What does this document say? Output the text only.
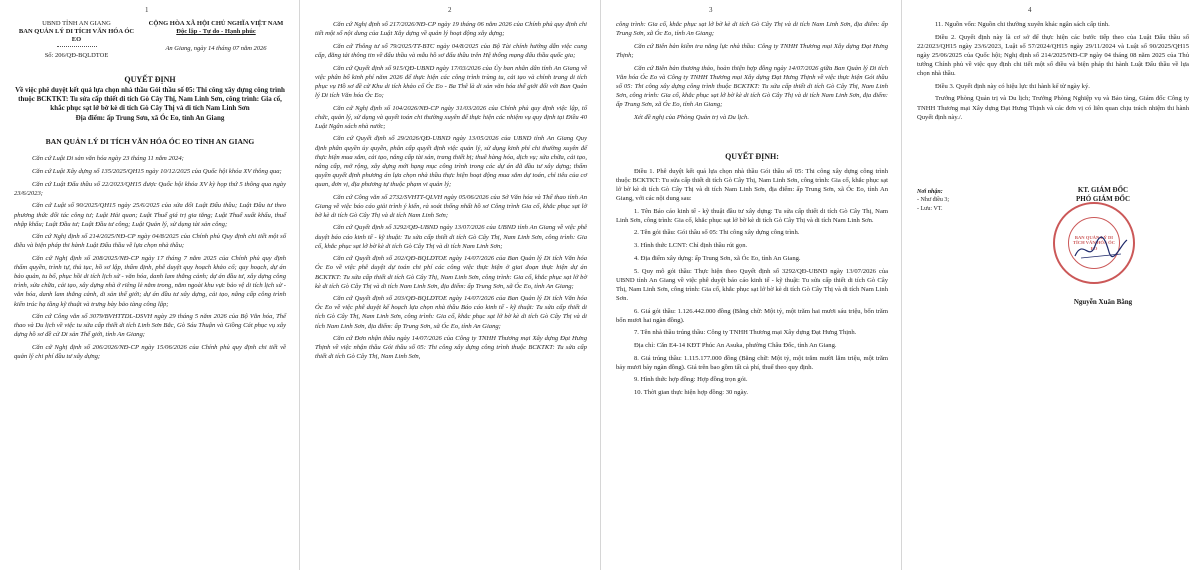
1
UBND TỈNH AN GIANG
BAN QUẢN LÝ DI TÍCH VĂN HÓA ÓC EO
Số: 206/QĐ-BQLDTOE
CỘNG HÒA XÃ HỘI CHỦ NGHĨA VIỆT NAM
Độc lập - Tự do - Hạnh phúc
An Giang, ngày 14 tháng 07 năm 2026
QUYẾT ĐỊNH
Về việc phê duyệt kết quả lựa chọn nhà thầu Gói thầu số 05: Thi công xây dựng công trình thuộc BCKTKT: Tu sửa cấp thiết di tích Gò Cây Thị, Nam Linh Sơn, công trình: Gia cố, khắc phục sạt lở bờ kè di tích Gò Cây Thị và di tích Nam Linh Sơn
Địa điểm: ấp Trung Sơn, xã Óc Eo, tỉnh An Giang
BAN QUẢN LÝ DI TÍCH VĂN HÓA ÓC EO TỈNH AN GIANG

Căn cứ Luật Di sản văn hóa ngày 23 tháng 11 năm 2024;

Căn cứ Luật Xây dựng số 135/2025/QH15 ngày 10/12/2025 của Quốc hội khóa XV thông qua;

Căn cứ Luật Đấu thầu số 22/2023/QH15 được Quốc hội khóa XV kỳ họp thứ 5 thông qua ngày 23/6/2023;

Căn cứ Luật số 90/2025/QH15 ngày 25/6/2025 của sửa đổi Luật Đấu thầu; Luật Đầu tư theo phương thức đối tác công tư; Luật Hải quan; Luật Thuế giá trị gia tăng; Luật Thuế xuất khẩu, thuế nhập khẩu; Luật Đầu tư; Luật Đầu tư công; Luật Quản lý, sử dụng tài sản công;

Căn cứ Nghị định số 214/2025/NĐ-CP ngày 04/8/2025 của Chính phủ Quy định chi tiết một số điều và biện pháp thi hành Luật Đấu thầu về lựa chọn nhà thầu;

Căn cứ Nghị định số 208/2025/NĐ-CP ngày 17 tháng 7 năm 2025 của Chính phủ quy định thẩm quyền, trình tự, thủ tục, hồ sơ lập, thẩm định, phê duyệt quy hoạch khảo cổ; quy hoạch, dự án bảo quản, tu bổ, phục hồi di tích lịch sử - văn hóa, danh lam thắng cảnh; dự án đầu tư, xây dựng công trình, sửa chữa, cải tạo, xây dựng nhà ở riêng lẻ nằm trong, nằm ngoài khu vực bảo vệ di tích lịch sử - văn hóa, danh lam thắng cảnh, di sản thế giới; dự án đầu tư xây dựng, cải tạo, nâng cấp công trình kiến trúc hạ tầng kỹ thuật và trưng bày bảo tàng công lập;

Căn cứ Công văn số 3079/BVHTTDL-DSVH ngày 29 tháng 5 năm 2026 của Bộ Văn hóa, Thể thao và Du lịch về việc tu sửa cấp thiết di tích Linh Sơn Bắc, Gò Sáu Thuận và Giồng Cát phục vụ xây dựng hồ sơ đề cử Di sản Thế giới, tỉnh An Giang;

Căn cứ Nghị định số 206/2026/NĐ-CP ngày 15/06/2026 của Chính phủ quy định chi tiết về quản lý chi phí đầu tư xây dựng;

2

Căn cứ Nghị định số 217/2026/NĐ-CP ngày 19 tháng 06 năm 2026 của Chính phủ quy định chi tiết một số nội dung của Luật Xây dựng về quản lý hoạt động xây dựng;

Căn cứ Thông tư số 79/2025/TT-BTC ngày 04/8/2025 của Bộ Tài chính hướng dẫn việc cung cấp, đăng tải thông tin về đấu thầu và mẫu hồ sơ đấu thầu trên Hệ thống mạng đấu thầu quốc gia;

Căn cứ Quyết định số 915/QĐ-UBND ngày 17/03/2026 của Ủy ban nhân dân tỉnh An Giang về việc phân bổ kinh phí năm 2026 để thực hiện các công trình trùng tu, cải tạo và chỉnh trang di tích phục vụ Hồ sơ đề cử Khu di tích khảo cổ Óc Eo - Ba Thê là di sản văn hóa thế giới đối với Ban Quản lý Di tích Văn hóa Óc Eo;

Căn cứ Nghị định số 104/2026/NĐ-CP ngày 31/03/2026 của Chính phủ quy định việc lập, tổ chức, quản lý, sử dụng và quyết toán chi thường xuyên để thực hiện các nhiệm vụ quy định tại Điều 40 Luật Ngân sách nhà nước;

Căn cứ Quyết định số 29/2026/QĐ-UBND ngày 13/05/2026 của UBND tỉnh An Giang Quy định phân quyền ủy quyền, phân cấp quyết định việc quản lý, sử dụng kinh phí chi thường xuyên để thực hiện mua sắm, cải tạo, nâng cấp tài sản, trang thiết bị; thuê hàng hóa, dịch vụ; sửa chữa, cải tạo, nâng cấp, mở rộng, xây dựng mới hạng mục công trình trong các dự án đã đầu tư xây dựng; thẩm quyền quyết định phương án lựa chọn nhà thầu thực hiện hoạt động mua sắm dự toán, chỉ tiêu của cơ quan, đơn vị, địa phương tự thuộc phạm vi quản lý;

Căn cứ Công văn số 2732/SVHTT-QLVH ngày 05/06/2026 của Sở Văn hóa và Thể thao tỉnh An Giang về việc báo cáo giải trình ý kiến, rà soát thống nhất hồ sơ Công trình Gia cố, khắc phục sạt lở bờ kè di tích Gò Cây Thị và di tích Nam Linh Sơn;

Căn cứ Quyết định số 3292/QĐ-UBND ngày 13/07/2026 của UBND tỉnh An Giang về việc phê duyệt báo cáo kinh tế - kỹ thuật: Tu sửa cấp thiết di tích Gò Cây Thị, Nam Linh Sơn, công trình: Gia cố, khắc phục sạt lở bờ kè di tích Gò Cây Thị và di tích Nam Linh Sơn;

Căn cứ Quyết định số 202/QĐ-BQLDTOE ngày 14/07/2026 của Ban Quản lý Di tích Văn hóa Óc Eo về việc phê duyệt dự toán chi phí các công việc thực hiện ở giai đoạn thực hiện dự án BCKTKT: Tu sửa cấp thiết di tích Gò Cây Thị, Nam Linh Sơn, công trình: Gia cố, khắc phục sạt lở bờ kè di tích Gò Cây Thị và di tích Nam Linh Sơn, địa điểm: ấp Trung Sơn, xã Óc Eo, tỉnh An Giang;

Căn cứ Quyết định số 203/QĐ-BQLDTOE ngày 14/07/2026 của Ban Quản lý Di tích Văn hóa Óc Eo về việc phê duyệt kế hoạch lựa chọn nhà thầu Báo cáo kinh tế - kỹ thuật: Tu sửa cấp thiết di tích Gò Cây Thị, Nam Linh Sơn, công trình: Gia cố, khắc phục sạt lở bờ kè di tích Gò Cây Thị và di tích Nam Linh Sơn, địa điểm: ấp Trung Sơn, xã Óc Eo, tỉnh An Giang;

Căn cứ Đơn nhận thầu ngày 14/07/2026 của Công ty TNHH Thương mại Xây dựng Đạt Hưng Thịnh về việc nhận thầu Gói thầu số 05: Thi công xây dựng công trình thuộc BCKTKT: Tu sửa cấp thiết di tích Gò Cây Thị, Nam Linh Sơn,

3

công trình: Gia cố, khắc phục sạt lở bờ kè di tích Gò Cây Thị và di tích Nam Linh Sơn, địa điểm: ấp Trung Sơn, xã Óc Eo, tỉnh An Giang;

Căn cứ Biên bản kiểm tra năng lực nhà thầu: Công ty TNHH Thương mại Xây dựng Đạt Hưng Thịnh;

Căn cứ Biên bản thương thảo, hoàn thiện hợp đồng ngày 14/07/2026 giữa Ban Quản lý Di tích Văn hóa Óc Eo và Công ty TNHH Thương mại Xây dựng Đạt Hưng Thịnh về việc thực hiện Gói thầu số 05: Thi công xây dựng công trình thuộc BCKTKT: Tu sửa cấp thiết di tích Gò Cây Thị, Nam Linh Sơn, công trình: Gia cố, khắc phục sạt lở bờ kè di tích Gò Cây Thị và di tích Nam Linh Sơn, địa điểm: ấp Trung Sơn, xã Óc Eo, tỉnh An Giang;

Xét đề nghị của Phòng Quản trị và Du lịch.

QUYẾT ĐỊNH:

Điều 1. Phê duyệt kết quả lựa chọn nhà thầu Gói thầu số 05: Thi công xây dựng công trình thuộc BCKTKT: Tu sửa cấp thiết di tích Gò Cây Thị, Nam Linh Sơn, công trình: Gia cố, khắc phục sạt lở bờ kè di tích Gò Cây Thị và di tích Nam Linh Sơn, địa điểm: ấp Trung Sơn, xã Óc Eo, tỉnh An Giang, với các nội dung sau:

1. Tên Báo cáo kinh tế - kỹ thuật đầu tư xây dựng: Tu sửa cấp thiết di tích Gò Cây Thị, Nam Linh Sơn, công trình: Gia cố, khắc phục sạt lở bờ kè di tích Gò Cây Thị và di tích Nam Linh Sơn.

2. Tên gói thầu: Gói thầu số 05: Thi công xây dựng công trình.

3. Hình thức LCNT: Chỉ định thầu rút gọn.

4. Địa điểm xây dựng: ấp Trung Sơn, xã Óc Eo, tỉnh An Giang.

5. Quy mô gói thầu: Thực hiện theo Quyết định số 3292/QĐ-UBND ngày 13/07/2026 của UBND tỉnh An Giang về việc phê duyệt báo cáo kinh tế - kỹ thuật: Tu sửa cấp thiết di tích Gò Cây Thị, Nam Linh Sơn, công trình: Gia cố, khắc phục sạt lở bờ kè di tích Gò Cây Thị và di tích Nam Linh Sơn.

6. Giá gói thầu: 1.126.442.000 đồng (Bằng chữ: Một tỷ, một trăm hai mươi sáu triệu, bốn trăm bốn mươi hai ngàn đồng).

7. Tên nhà thầu trúng thầu: Công ty TNHH Thương mại Xây dựng Đạt Hưng Thịnh.

Địa chỉ: Căn E4-14 KĐT Phúc An Asuka, phường Châu Đốc, tỉnh An Giang.

8. Giá trúng thầu: 1.115.177.000 đồng (Bằng chữ: Một tỷ, một trăm mười lăm triệu, một trăm bảy mươi bảy ngàn đồng). Giá trên bao gồm tất cả phí, thuế theo quy định.

9. Hình thức hợp đồng: Hợp đồng trọn gói.

10. Thời gian thực hiện hợp đồng: 30 ngày.

4

11. Nguồn vốn: Nguồn chi thường xuyên khác ngân sách cấp tỉnh.

Điều 2. Quyết định này là cơ sở để thực hiện các bước tiếp theo của Luật Đấu thầu số 22/2023/QH15 ngày 23/6/2023, Luật số 57/2024/QH15 ngày 29/11/2024 và Luật số 90/2025/QH15 ngày 25/06/2025 của Quốc hội; Nghị định số 214/2025/NĐ-CP ngày 04 tháng 08 năm 2025 của Thủ tướng Chính phủ về việc quy định chi tiết một số điều và biện pháp thi hành Luật Đấu thầu về lựa chọn nhà thầu.

Điều 3. Quyết định này có hiệu lực thi hành kể từ ngày ký.

Trưởng Phòng Quản trị và Du lịch; Trưởng Phòng Nghiệp vụ và Bảo tàng, Giám đốc Công ty TNHH Thương mại Xây dựng Đạt Hưng Thịnh và các đơn vị có liên quan chịu trách nhiệm thi hành Quyết định này./.

Nơi nhận:
- Như điều 3;
- Lưu: VT.
KT. GIÁM ĐỐC
PHÓ GIÁM ĐỐC
BAN QUẢN LÝ DI TÍCH VĂN HÓA ÓC EO
Nguyễn Xuân Bằng
